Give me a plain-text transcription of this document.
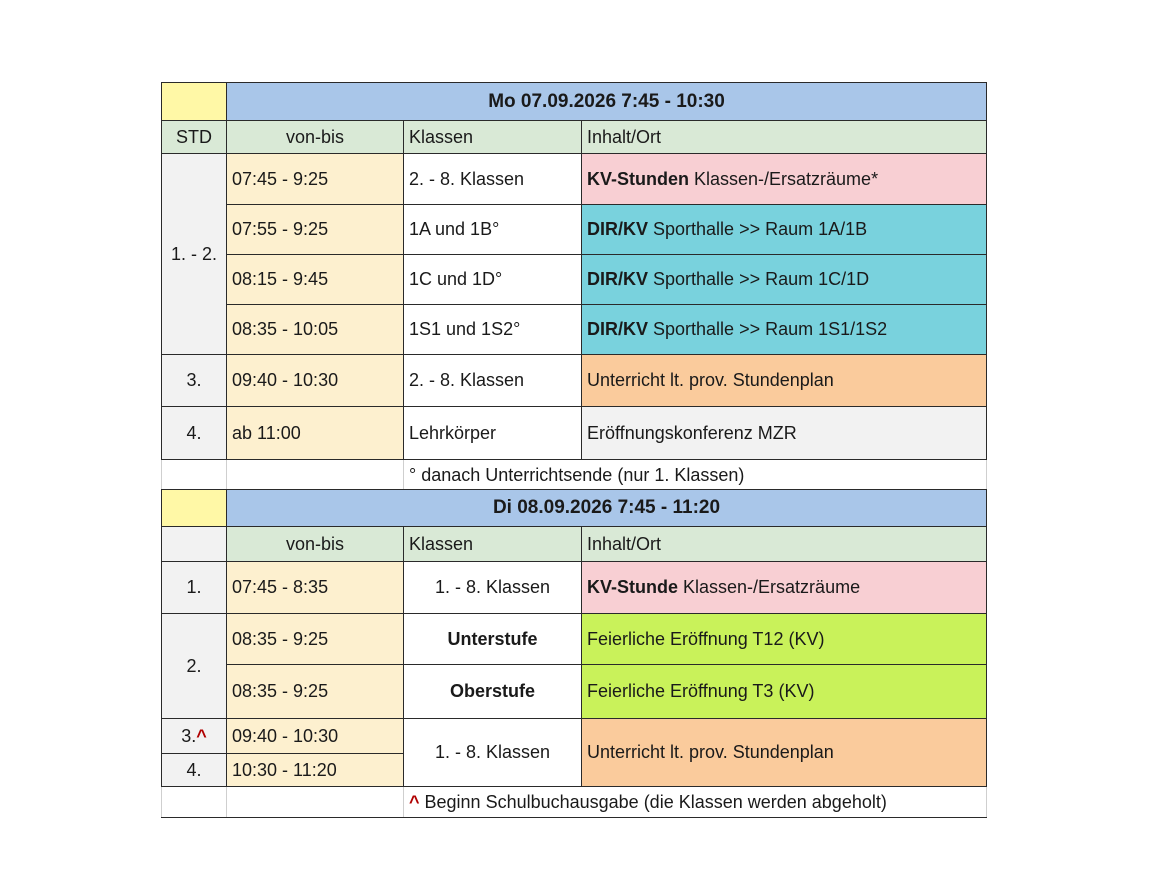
	Mo 07.09.2026 7:45 - 10:30		
STD	von-bis	Klassen	Inhalt/Ort
1. - 2.	07:45 - 9:25	2. - 8. Klassen	KV-Stunden Klassen-/Ersatzräume*
	07:55 - 9:25	1A und 1B°	DIR/KV Sporthalle >> Raum 1A/1B
	08:15 - 9:45	1C und 1D°	DIR/KV Sporthalle >> Raum 1C/1D
	08:35 - 10:05	1S1 und 1S2°	DIR/KV Sporthalle >> Raum 1S1/1S2
3.	09:40 - 10:30	2. - 8. Klassen	Unterricht lt. prov. Stundenplan
4.	ab 11:00	Lehrkörper	Eröffnungskonferenz MZR
		° danach Unterrichtsende (nur 1. Klassen)	
	Di 08.09.2026 7:45 - 11:20		
	von-bis	Klassen	Inhalt/Ort
1.	07:45 - 8:35	1. - 8. Klassen	KV-Stunde Klassen-/Ersatzräume
2.	08:35 - 9:25	Unterstufe	Feierliche Eröffnung T12 (KV)
	08:35 - 9:25	Oberstufe	Feierliche Eröffnung T3 (KV)
3.^	09:40 - 10:30	1. - 8. Klassen	Unterricht lt. prov. Stundenplan
4.	10:30 - 11:20		
		^ Beginn Schulbuchausgabe (die Klassen werden abgeholt)	
